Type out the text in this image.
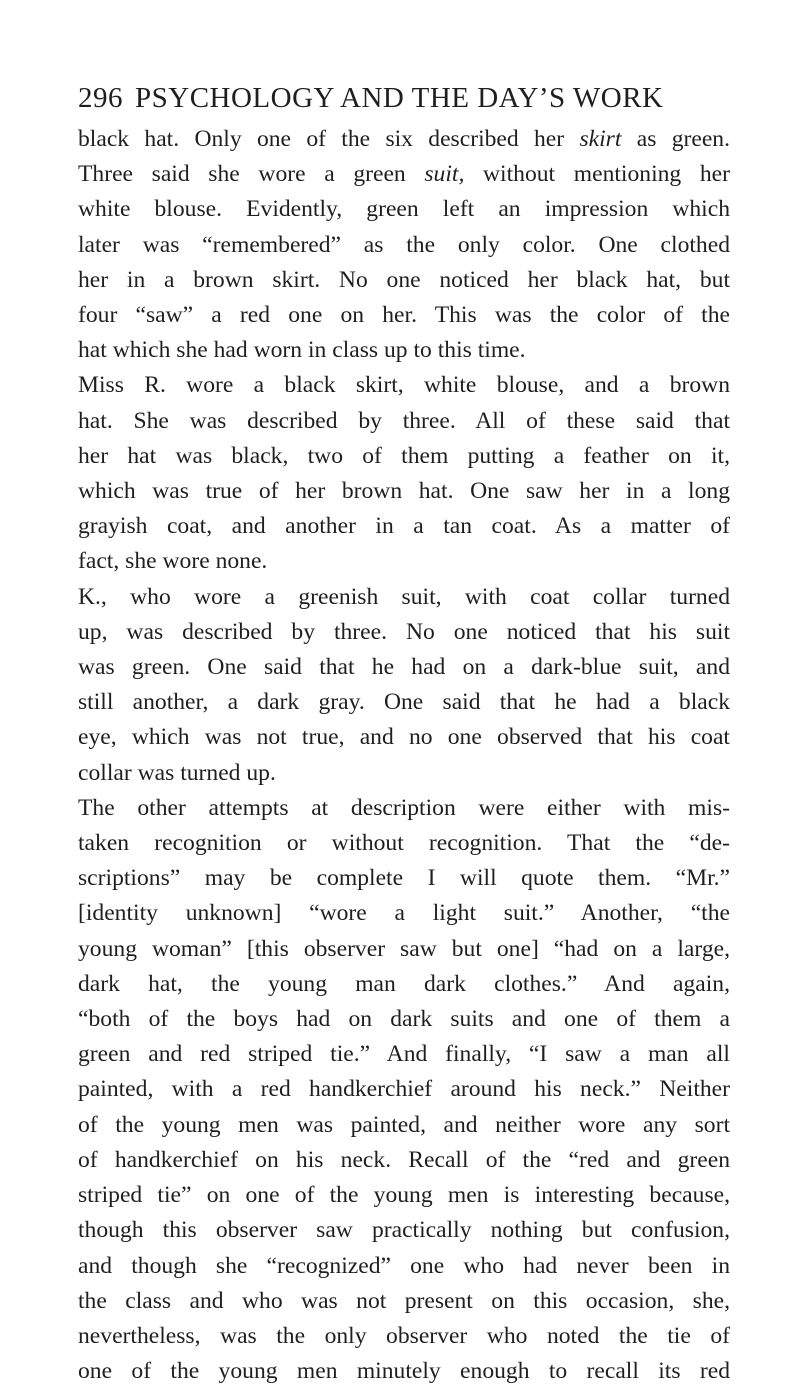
296 PSYCHOLOGY AND THE DAY’S WORK
black hat. Only one of the six described her skirt as green.
Three said she wore a green suit, without mentioning her
white blouse. Evidently, green left an impression which
later was “remembered” as the only color. One clothed
her in a brown skirt. No one noticed her black hat, but
four “saw” a red one on her. This was the color of the
hat which she had worn in class up to this time.
Miss R. wore a black skirt, white blouse, and a brown
hat. She was described by three. All of these said that
her hat was black, two of them putting a feather on it,
which was true of her brown hat. One saw her in a long
grayish coat, and another in a tan coat. As a matter of
fact, she wore none.
K., who wore a greenish suit, with coat collar turned
up, was described by three. No one noticed that his suit
was green. One said that he had on a dark-blue suit, and
still another, a dark gray. One said that he had a black
eye, which was not true, and no one observed that his coat
collar was turned up.
The other attempts at description were either with mis-
taken recognition or without recognition. That the “de-
scriptions” may be complete I will quote them. “Mr.”
[identity unknown] “wore a light suit.” Another, “the
young woman” [this observer saw but one] “had on a large,
dark hat, the young man dark clothes.” And again,
“both of the boys had on dark suits and one of them a
green and red striped tie.” And finally, “I saw a man all
painted, with a red handkerchief around his neck.” Neither
of the young men was painted, and neither wore any sort
of handkerchief on his neck. Recall of the “red and green
striped tie” on one of the young men is interesting because,
though this observer saw practically nothing but confusion,
and though she “recognized” one who had never been in
the class and who was not present on this occasion, she,
nevertheless, was the only observer who noted the tie of
one of the young men minutely enough to recall its red
